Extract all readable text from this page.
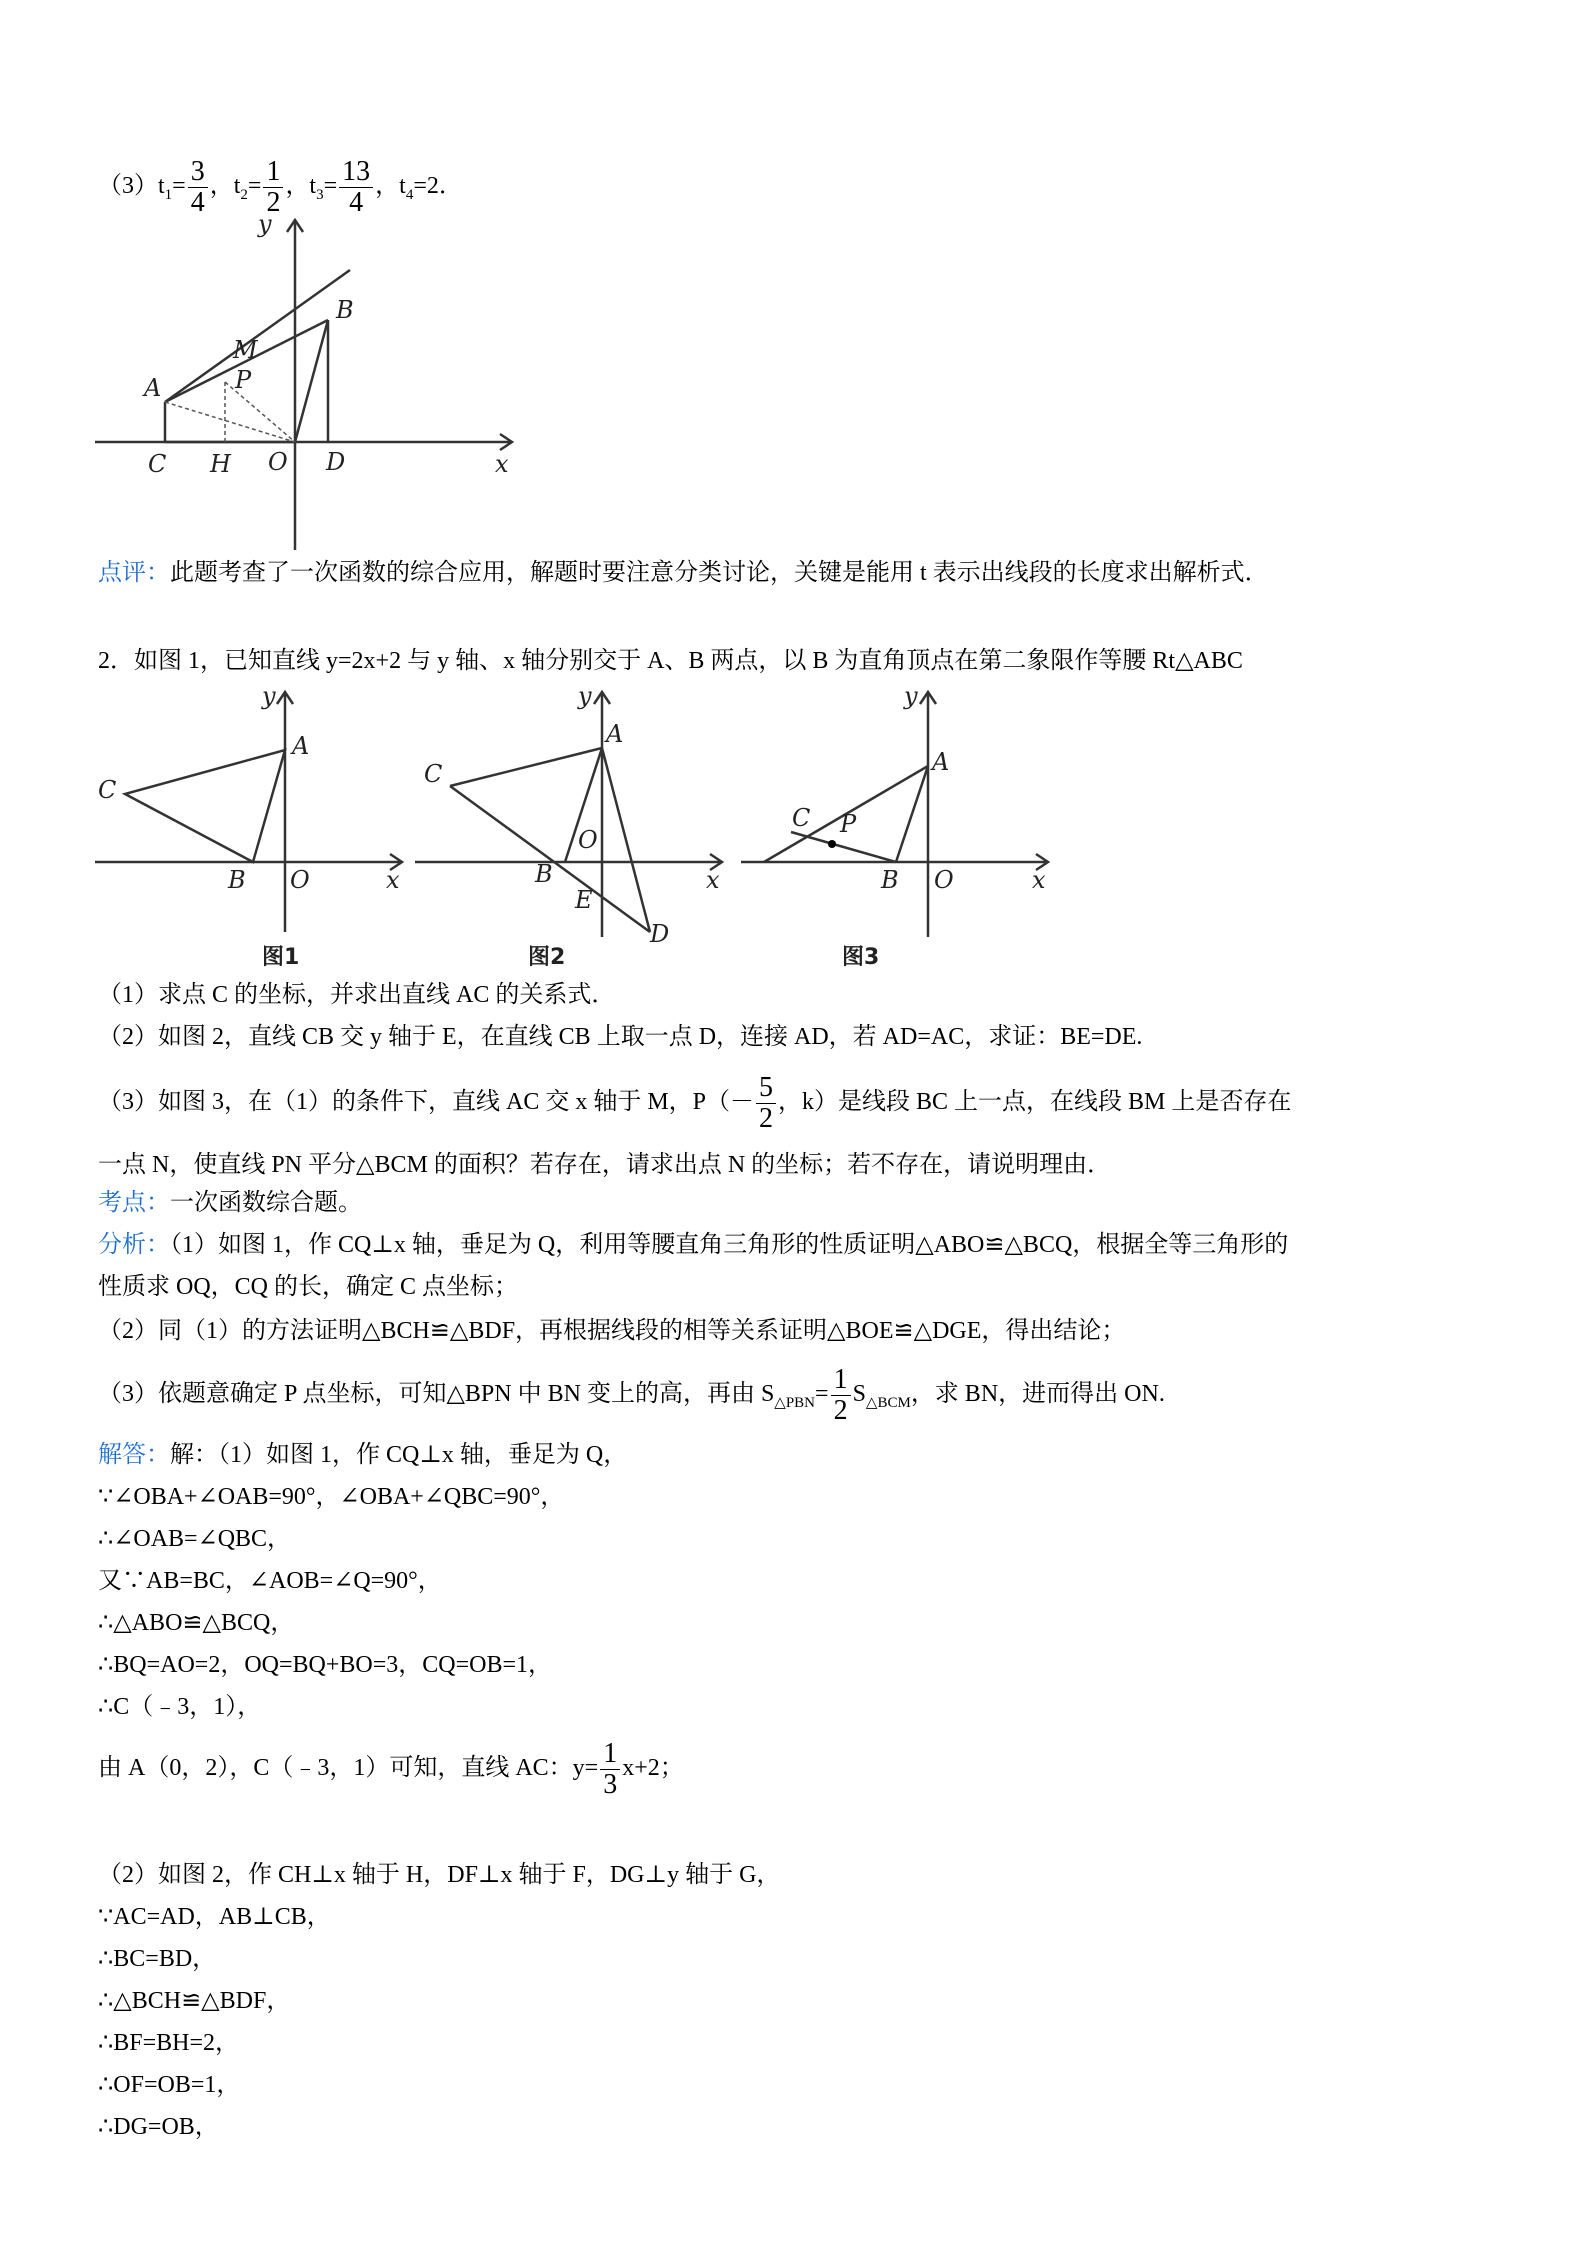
$(3)t_1= \frac{3}{4}$ ，$t_2= \frac{1}{2}$ ，$t_3= \frac{13}{4}$ ，$t_4=2$．
y
x
B
M
A	P
C H O D
点评：此题考查了一次函数的综合应用，解题时要注意分类讨论，关键是能用 t 表示出线段的长度求出解析式．
2．如图 1，已知直线 y=2x+2 与 y 轴、x 轴分别交于 A、B 两点，以 B 为直角顶点在第二象限作等腰 Rt△ABC
y
x
A
C
B O
图1
y
x
A
C
O
B
E
D
图2
y
x
A
C P
B O
图3
（1）求点 C 的坐标，并求出直线 AC 的关系式．
（2）如图 2，直线 CB 交 y 轴于 E，在直线 CB 上取一点 D，连接 AD，若 AD=AC，求证：BE=DE.
（3）如图 3，在（1）的条件下，直线 AC 交 x 轴于 M，$P(- \frac{5}{2}$ ，k）是线段 BC 上一点，在线段 BM 上是否存在
一点 N，使直线 PN 平分△BCM 的面积？若存在，请求出点 N 的坐标；若不存在，请说明理由．
考点：一次函数综合题。
分析：（1）如图 1，作 CQ⊥x 轴，垂足为 Q，利用等腰直角三角形的性质证明△ABO≌△BCQ，根据全等三角形的
性质求 OQ，CQ 的长，确定 C 点坐标；
（2）同（1）的方法证明△BCH≌△BDF，再根据线段的相等关系证明△BOE≌△DGE，得出结论；
（3）依题意确定 P 点坐标，可知△BPN 中 BN 变上的高，再由 $S_{\triangle PBN}= \frac{1}{2} S_{\triangle BCM}$，求 BN，进而得出 ON.
解答：解：（1）如图 1，作 CQ⊥x 轴，垂足为 Q，
∵∠OBA+∠OAB=90°，∠OBA+∠QBC=90°，
∴∠OAB=∠QBC，
又∵AB=BC，∠AOB=∠Q=90°，
∴△ABO≌△BCQ，
∴BQ=AO=2，OQ=BQ+BO=3，CQ=OB=1，
∴C（﹣3，1），
由 A（0，2），C（﹣3，1）可知，直线 AC：$y= \frac{1}{3} x+2$；
（2）如图 2，作 CH⊥x 轴于 H，DF⊥x 轴于 F，DG⊥y 轴于 G，
∵AC=AD，AB⊥CB，
∴BC=BD，
∴△BCH≌△BDF，
∴BF=BH=2，
∴OF=OB=1，
∴DG=OB，
